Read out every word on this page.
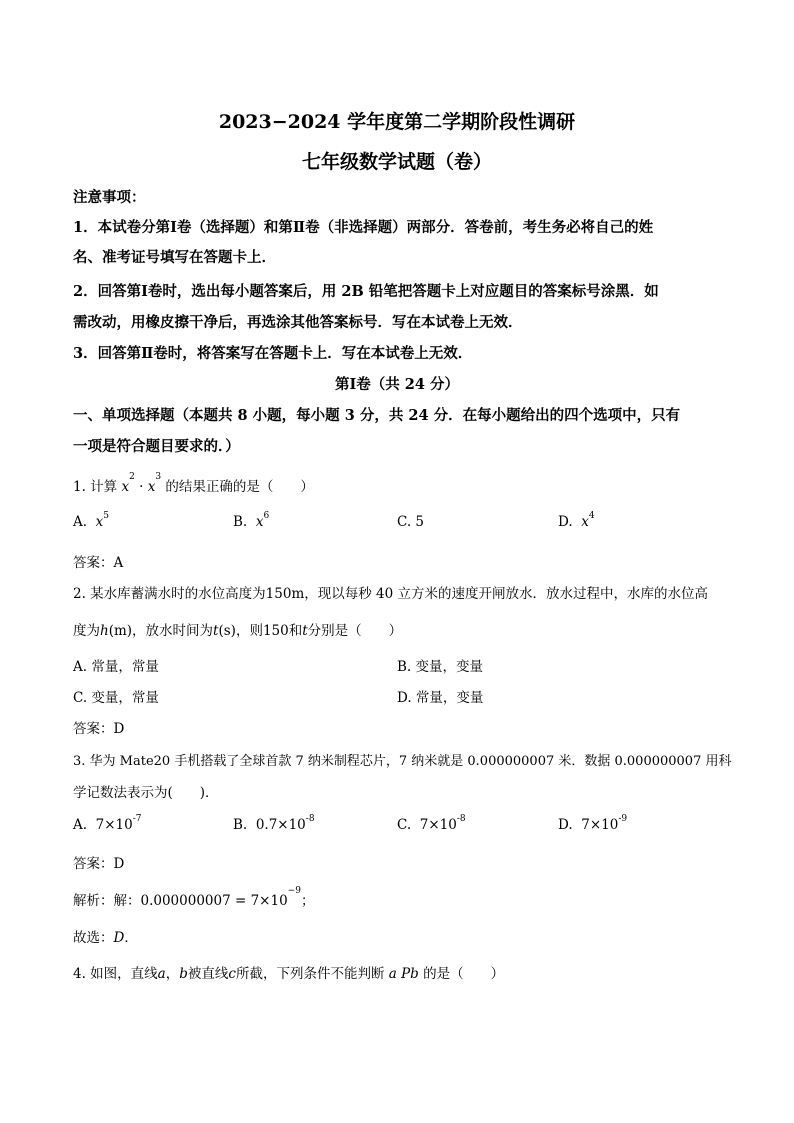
2023−2024 学年度第二学期阶段性调研
七年级数学试题（卷）
注意事项：
1．本试卷分第Ⅰ卷（选择题）和第Ⅱ卷（非选择题）两部分．答卷前，考生务必将自己的姓
名、准考证号填写在答题卡上．
2．回答第Ⅰ卷时，选出每小题答案后，用 2B 铅笔把答题卡上对应题目的答案标号涂黑．如
需改动，用橡皮擦干净后，再选涂其他答案标号．写在本试卷上无效．
3．回答第Ⅱ卷时，将答案写在答题卡上．写在本试卷上无效．
第Ⅰ卷（共 24 分）
一、单项选择题（本题共 8 小题，每小题 3 分，共 24 分．在每小题给出的四个选项中，只有
一项是符合题目要求的．）
1. 计算 $x^2 \cdot x^3$ 的结果正确的是（　　）
A. $x^5$	B. $x^6$	C. 5	D. $x^4$
答案：A
2. 某水库蓄满水时的水位高度为150m，现以每秒 40 立方米的速度开闸放水．放水过程中，水库的水位高
度为h(m)，放水时间为t(s)，则150和t分别是（　　）
A. 常量，常量	B. 变量，变量
C. 变量，常量	D. 常量，变量
答案：D
3. 华为 Mate20 手机搭载了全球首款 7 纳米制程芯片，7 纳米就是 0.000000007 米．数据 0.000000007 用科
学记数法表示为(　　)．
A. $7\times 10^{-7}$	B. $0.7\times 10^{-8}$	C. $7\times 10^{-8}$	D. $7\times 10^{-9}$
答案：D
解析：解：$0.000000007 = 7\times 10^{-9}$；
故选：D．
4. 如图，直线a，b被直线c所截，下列条件不能判断 a Pb 的是（　　）
